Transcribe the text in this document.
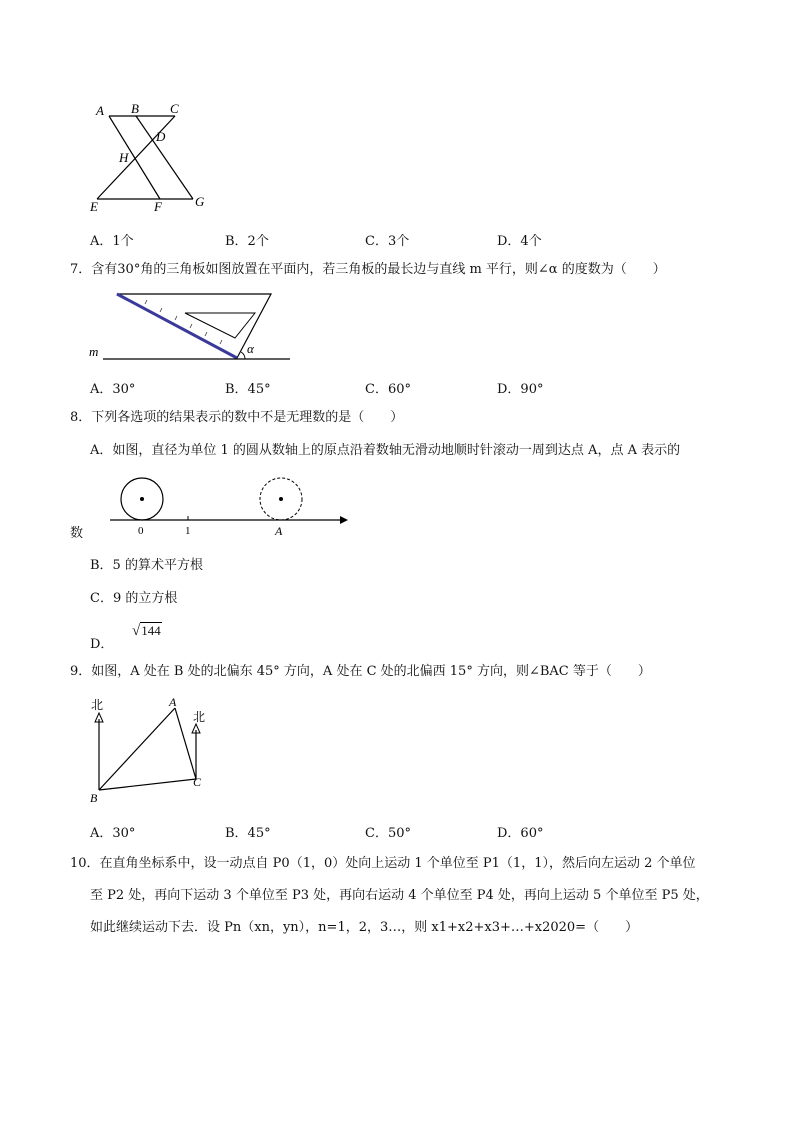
A B C
D
H
E	F	G
A．1个	B．2个	C．3个	D．4个
7．含有30°角的三角板如图放置在平面内，若三角板的最长边与直线 m 平行，则∠α 的度数为（　　）
m	α
A．30°	B．45°	C．60°	D．90°
8．下列各选项的结果表示的数中不是无理数的是（　　）
A．如图，直径为单位 1 的圆从数轴上的原点沿着数轴无滑动地顺时针滚动一周到达点 A，点 A 表示的
0	1	A
数
B．5 的算术平方根
C．9 的立方根
D．
√144
9．如图，A 处在 B 处的北偏东 45° 方向，A 处在 C 处的北偏西 15° 方向，则∠BAC 等于（　　）
北
北
A
B
C
A．30°	B．45°	C．50°	D．60°
10．在直角坐标系中，设一动点自 P0（1，0）处向上运动 1 个单位至 P1（1，1），然后向左运动 2 个单位
至 P2 处，再向下运动 3 个单位至 P3 处，再向右运动 4 个单位至 P4 处，再向上运动 5 个单位至 P5 处，
如此继续运动下去．设 Pn（xn，yn），n=1，2，3…，则 x1+x2+x3+…+x2020=（　　）
